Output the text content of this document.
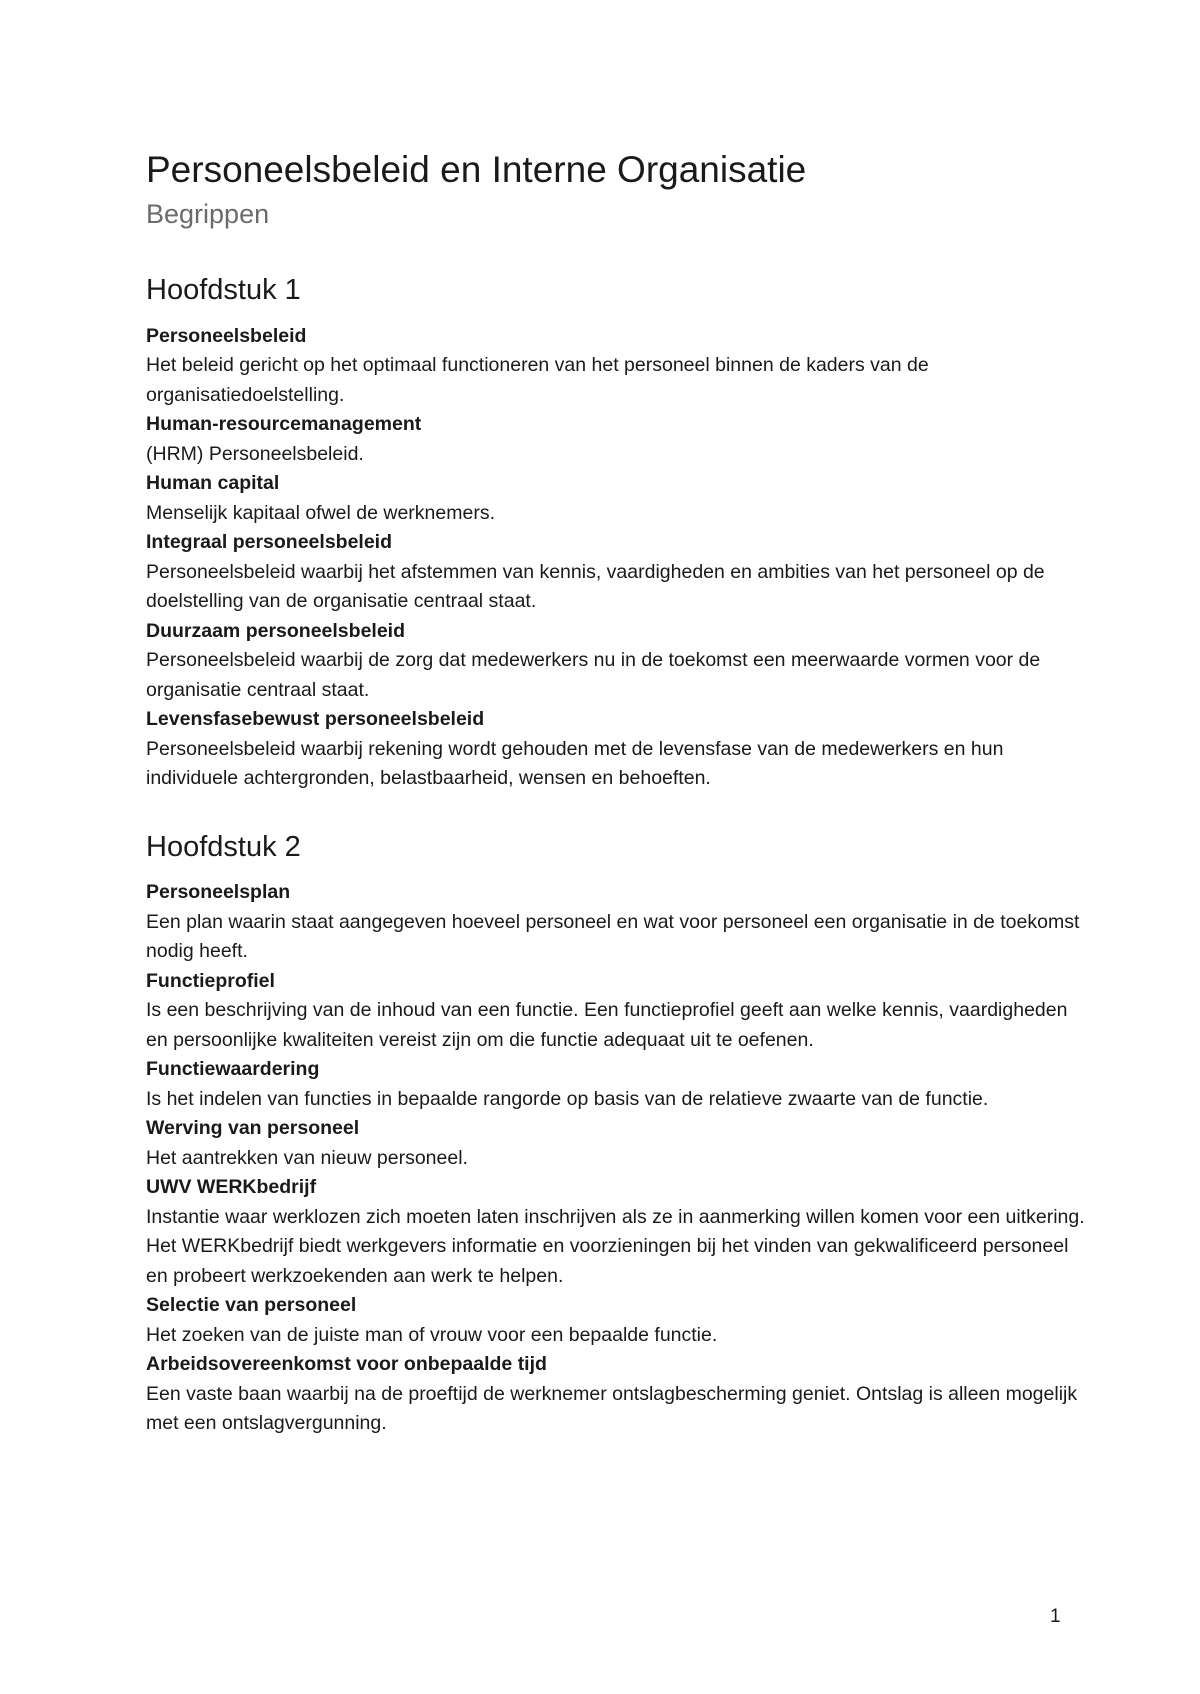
Personeelsbeleid en Interne Organisatie
Begrippen
Hoofdstuk 1

Personeelsbeleid

Het beleid gericht op het optimaal functioneren van het personeel binnen de kaders van de organisatiedoelstelling.

Human-resourcemanagement

(HRM) Personeelsbeleid.

Human capital

Menselijk kapitaal ofwel de werknemers.

Integraal personeelsbeleid

Personeelsbeleid waarbij het afstemmen van kennis, vaardigheden en ambities van het personeel op de doelstelling van de organisatie centraal staat.

Duurzaam personeelsbeleid

Personeelsbeleid waarbij de zorg dat medewerkers nu in de toekomst een meerwaarde vormen voor de organisatie centraal staat.

Levensfasebewust personeelsbeleid

Personeelsbeleid waarbij rekening wordt gehouden met de levensfase van de medewerkers en hun individuele achtergronden, belastbaarheid, wensen en behoeften.

Hoofdstuk 2

Personeelsplan

Een plan waarin staat aangegeven hoeveel personeel en wat voor personeel een organisatie in de toekomst nodig heeft.

Functieprofiel

Is een beschrijving van de inhoud van een functie. Een functieprofiel geeft aan welke kennis, vaardigheden en persoonlijke kwaliteiten vereist zijn om die functie adequaat uit te oefenen.

Functiewaardering

Is het indelen van functies in bepaalde rangorde op basis van de relatieve zwaarte van de functie.

Werving van personeel

Het aantrekken van nieuw personeel.

UWV WERKbedrijf

Instantie waar werklozen zich moeten laten inschrijven als ze in aanmerking willen komen voor een uitkering. Het WERKbedrijf biedt werkgevers informatie en voorzieningen bij het vinden van gekwalificeerd personeel en probeert werkzoekenden aan werk te helpen.

Selectie van personeel

Het zoeken van de juiste man of vrouw voor een bepaalde functie.

Arbeidsovereenkomst voor onbepaalde tijd

Een vaste baan waarbij na de proeftijd de werknemer ontslagbescherming geniet. Ontslag is alleen mogelijk met een ontslagvergunning.

1
